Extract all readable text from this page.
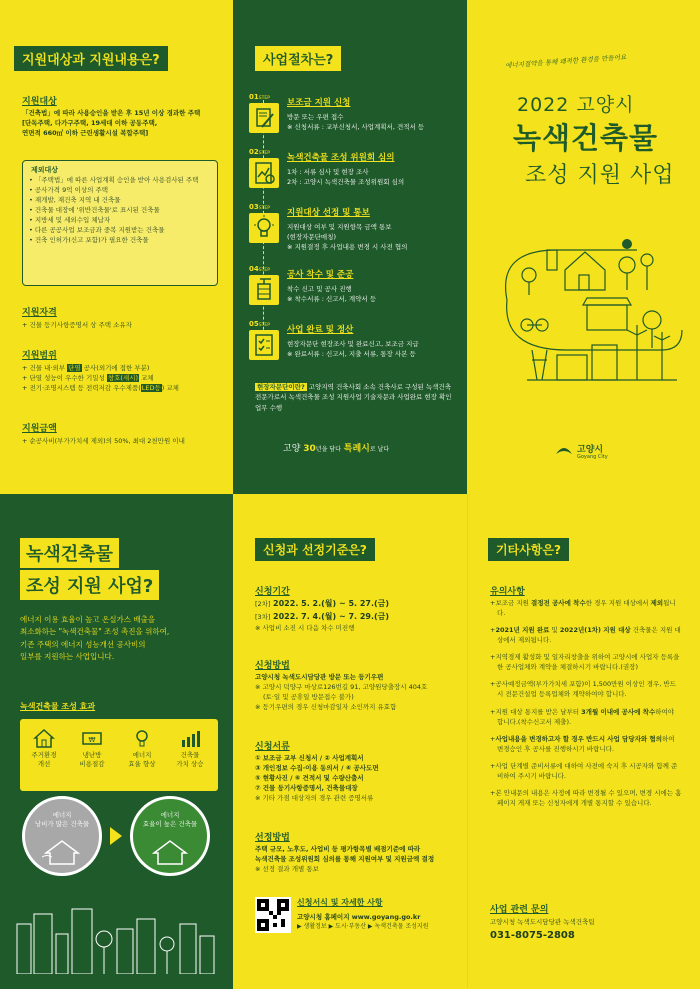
지원대상과 지원내용은?
지원대상
「건축법」에 따라 사용승인을 받은 후 15년 이상 경과한 주택
[단독주택, 다가구주택, 19세대 이하 공동주택,
연면적 660㎡ 이하 근린생활시설 복합주택]
제외대상
• 「주택법」에 따른 사업계획 승인을 받아 사용검사된 주택
• 공사가격 9억 이상의 주택
• 재개발, 재건축 지역 내 건축물
• 건축물 대장에 '위반건축물'로 표시된 건축물
• 지방세 및 세외수입 체납자
• 다른 공공사업 보조금과 중복 지원받는 건축물
• 건축 인허가(신고 포함)가 필요한 건축물
지원자격
+ 건물 등기사항증명서 상 주택 소유자
지원범위
+ 건물 내·외부 단열 공사(외기에 접한 부분)
+ 단열 성능이 우수한 기밀성 창호(새시) 교체
+ 전기·조명시스템 등 전력저감 우수제품(LED등) 교체
지원금액
+ 순공사비(부가가치세 제외)의 50%, 최대 2천만원 이내
사업절차는?
01STEP 보조금 지원 신청
방문 또는 우편 접수
※ 신청서류 : 교부신청서, 사업계획서, 견적서 등
02STEP 녹색건축물 조성 위원회 심의
1차 : 서류 심사 및 현장 조사
2차 : 고양시 녹색건축물 조성위원회 심의
03STEP 지원대상 선정 및 통보
지원대상 여부 및 지원항목 금액 통보
(현장자문단매칭)
※ 지원결정 후 사업내용 변경 시 사전 협의
04STEP 공사 착수 및 준공
착수 신고 및 공사 진행
※ 착수서류 : 신고서, 계약서 등
05STEP 사업 완료 및 정산
현장자문단 현장조사 및 완료신고, 보조금 지급
※ 완료서류 : 신고서, 지출 서류, 통장 사본 등
현장자문단이란? 고양지역 건축사회 소속 건축사로 구성된 녹색건축 전문가로서 녹색건축물 조성 지원사업 기술자문과 사업완료 현장 확인업무 수행
고양 30년을 담다 특례시로 날다
에너지절약을 통해 쾌적한 환경을 만들어요
2022 고양시
녹색건축물
조성 지원 사업
고양시
Goyang City
녹색건축물
조성 지원 사업?
에너지 이용 효율이 높고 온실가스 배출을
최소화하는 "녹색건축물" 조성 촉진을 위하여,
기존 주택의 에너지 성능개선 공사비의
일부를 지원하는 사업입니다.
녹색건축물 조성 효과
주거환경
개선
₩
냉난방
비용절감
에너지
효율 향상
건축물
가치 상승
에너지
낭비가 많은 건축물
에너지
효율이 높은 건축물
신청과 선정기준은?
신청기간
[2차] 2022. 5. 2.(월) ~ 5. 27.(금)
[3차] 2022. 7. 4.(월) ~ 7. 29.(금)
※ 사업비 소진 시 다음 차수 미진행
신청방법
고양시청 녹색도시담당관 방문 또는 등기우편
※ 고양시 덕양구 마상로126번길 91, 고양원당출장시 404호
(토·일 및 공휴일 방문접수 불가)
※ 등기우편의 경우 신청마감일자 소인까지 유효함
신청서류
① 보조금 교부 신청서 / ② 사업계획서
③ 개인정보 수집·이용 동의서 / ④ 공사도면
⑤ 현황사진 / ⑥ 견적서 및 수량산출서
⑦ 건물 등기사항증명서, 건축물대장
※ 기타 가점 대상자의 경우 관련 증명서류
선정방법
주택 규모, 노후도, 사업비 등 평가항목별 배점기준에 따라
녹색건축물 조성위원회 심의를 통해 지원여부 및 지원금액 결정
※ 선정 결과 개별 통보
신청서식 및 자세한 사항
고양시청 홈페이지 www.goyang.go.kr
▶ 생활정보 ▶ 도시·부동산 ▶ 녹색건축물 조성지원
기타사항은?
유의사항
+보조금 지원 결정전 공사에 착수한 경우 지원 대상에서 제외됩니다.
+2021년 지원 완료 및 2022년(1차) 지원 대상 건축물은 지원 대상에서 제외됩니다.
+지역경제 활성화 및 일자리창출을 위하여 고양시에 사업자 등록을 한 공사업체와 계약을 체결하시기 바랍니다.(권장)
+공사예정금액(부가가치세 포함)이 1,500만원 이상인 경우, 반드시 전문건설업 등록업체와 계약하여야 합니다.
+지원 대상 통지를 받은 날부터 3개월 이내에 공사에 착수하여야 합니다.(착수신고서 제출).
+사업내용을 변경하고자 할 경우 반드시 사업 담당자와 협의하여 변경승인 후 공사를 진행하시기 바랍니다.
+사업 단계별 준비서류에 대하여 사전에 숙지 후 시공자와 함께 준비하여 주시기 바랍니다.
+본 안내문의 내용은 사정에 따라 변경될 수 있으며, 변경 시에는 홈페이지 게재 또는 신청자에게 개별 통지할 수 있습니다.
사업 관련 문의
고양시청 녹색도시담당관 녹색건축팀
031-8075-2808
